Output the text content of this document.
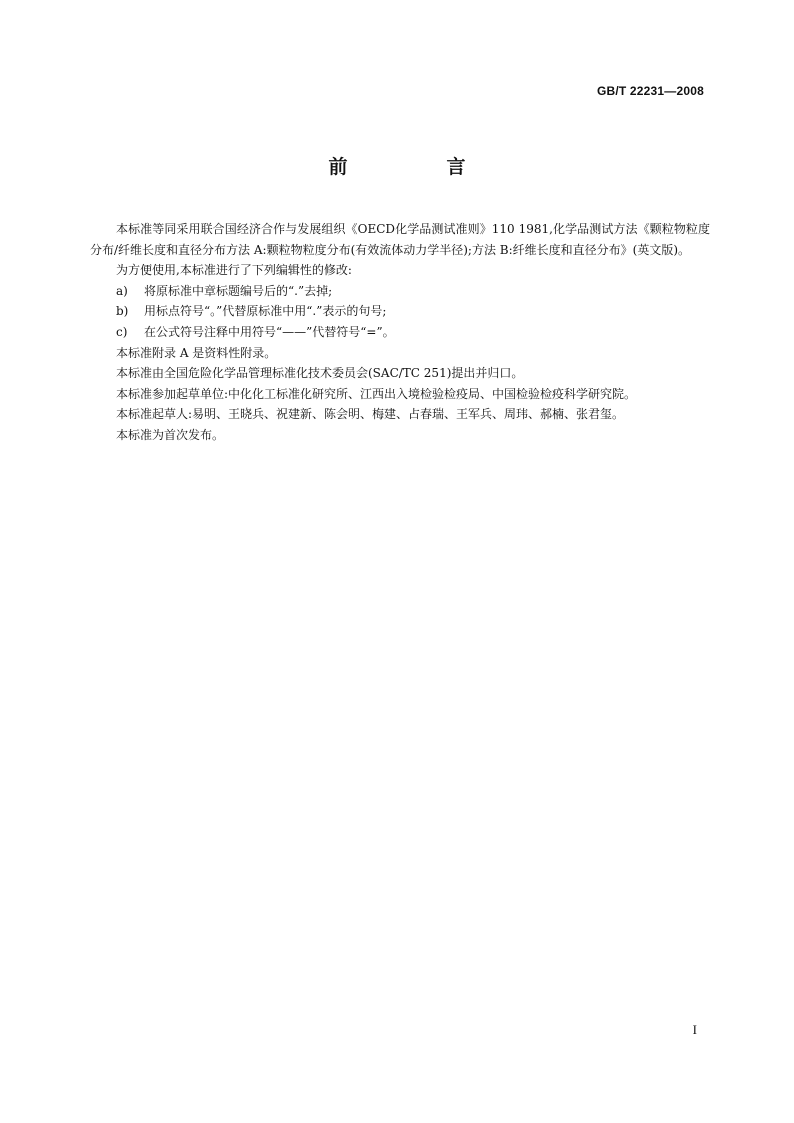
GB/T 22231—2008
前　言

本标准等同采用联合国经济合作与发展组织《OECD化学品测试准则》110 1981,化学品测试方法《颗粒物粒度分布/纤维长度和直径分布方法 A:颗粒物粒度分布(有效流体动力学半径);方法 B:纤维长度和直径分布》(英文版)。

为方便使用,本标准进行了下列编辑性的修改:

a) 将原标准中章标题编号后的“.”去掉;

b) 用标点符号“。”代替原标准中用“.”表示的句号;

c) 在公式符号注释中用符号“——”代替符号“=”。

本标准附录 A 是资料性附录。

本标准由全国危险化学品管理标准化技术委员会(SAC/TC 251)提出并归口。

本标准参加起草单位:中化化工标准化研究所、江西出入境检验检疫局、中国检验检疫科学研究院。

本标准起草人:易明、王晓兵、祝建新、陈会明、梅建、占春瑞、王军兵、周玮、郝楠、张君玺。

本标准为首次发布。

I
